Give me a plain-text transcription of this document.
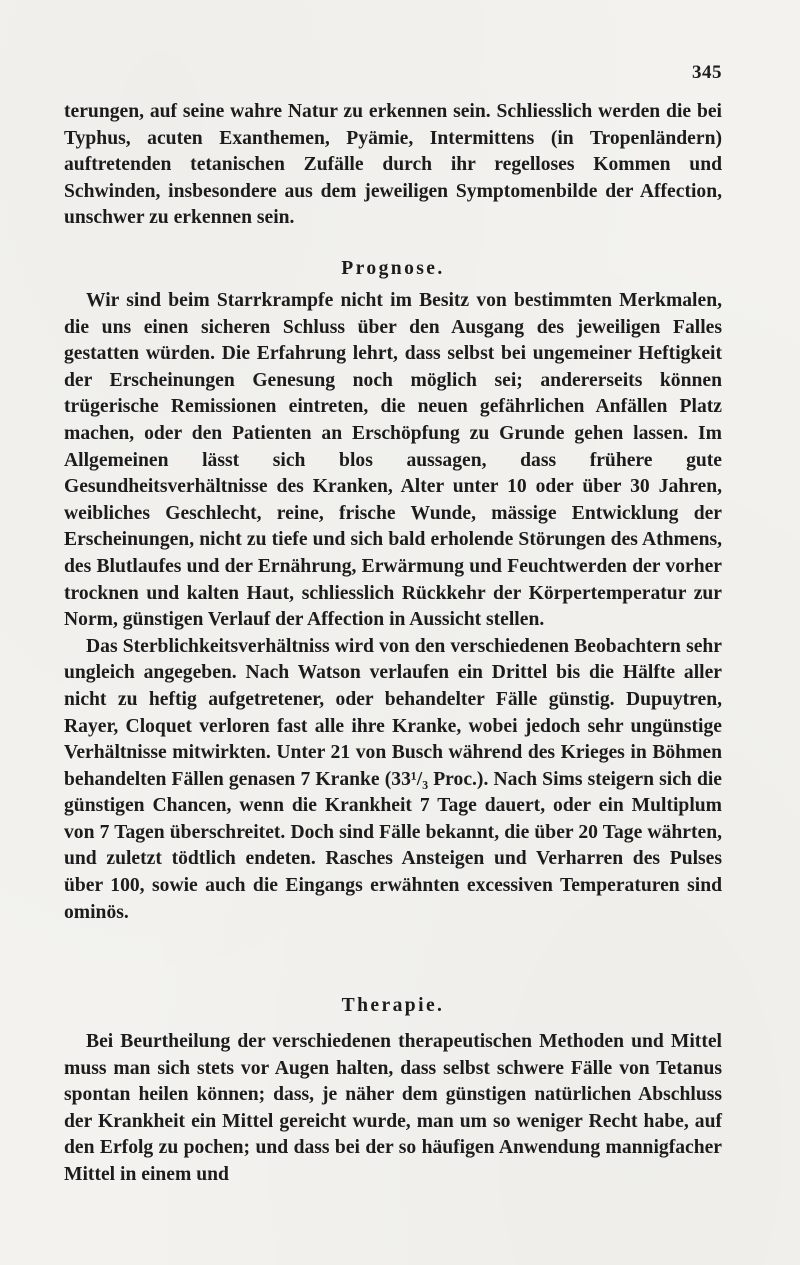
345

terungen, auf seine wahre Natur zu erkennen sein. Schliesslich werden die bei Typhus, acuten Exanthemen, Pyämie, Intermittens (in Tropenländern) auftretenden tetanischen Zufälle durch ihr regelloses Kommen und Schwinden, insbesondere aus dem jeweiligen Symptomenbilde der Affection, unschwer zu erkennen sein.

Prognose.

Wir sind beim Starrkrampfe nicht im Besitz von bestimmten Merkmalen, die uns einen sicheren Schluss über den Ausgang des jeweiligen Falles gestatten würden. Die Erfahrung lehrt, dass selbst bei ungemeiner Heftigkeit der Erscheinungen Genesung noch möglich sei; andererseits können trügerische Remissionen eintreten, die neuen gefährlichen Anfällen Platz machen, oder den Patienten an Erschöpfung zu Grunde gehen lassen. Im Allgemeinen lässt sich blos aussagen, dass frühere gute Gesundheitsverhältnisse des Kranken, Alter unter 10 oder über 30 Jahren, weibliches Geschlecht, reine, frische Wunde, mässige Entwicklung der Erscheinungen, nicht zu tiefe und sich bald erholende Störungen des Athmens, des Blutlaufes und der Ernährung, Erwärmung und Feuchtwerden der vorher trocknen und kalten Haut, schliesslich Rückkehr der Körpertemperatur zur Norm, günstigen Verlauf der Affection in Aussicht stellen.

Das Sterblichkeitsverhältniss wird von den verschiedenen Beobachtern sehr ungleich angegeben. Nach Watson verlaufen ein Drittel bis die Hälfte aller nicht zu heftig aufgetretener, oder behandelter Fälle günstig. Dupuytren, Rayer, Cloquet verloren fast alle ihre Kranke, wobei jedoch sehr ungünstige Verhältnisse mitwirkten. Unter 21 von Busch während des Krieges in Böhmen behandelten Fällen genasen 7 Kranke (33¹/₃ Proc.). Nach Sims steigern sich die günstigen Chancen, wenn die Krankheit 7 Tage dauert, oder ein Multiplum von 7 Tagen überschreitet. Doch sind Fälle bekannt, die über 20 Tage währten, und zuletzt tödtlich endeten. Rasches Ansteigen und Verharren des Pulses über 100, sowie auch die Eingangs erwähnten excessiven Temperaturen sind ominös.

Therapie.

Bei Beurtheilung der verschiedenen therapeutischen Methoden und Mittel muss man sich stets vor Augen halten, dass selbst schwere Fälle von Tetanus spontan heilen können; dass, je näher dem günstigen natürlichen Abschluss der Krankheit ein Mittel gereicht wurde, man um so weniger Recht habe, auf den Erfolg zu pochen; und dass bei der so häufigen Anwendung mannigfacher Mittel in einem und
